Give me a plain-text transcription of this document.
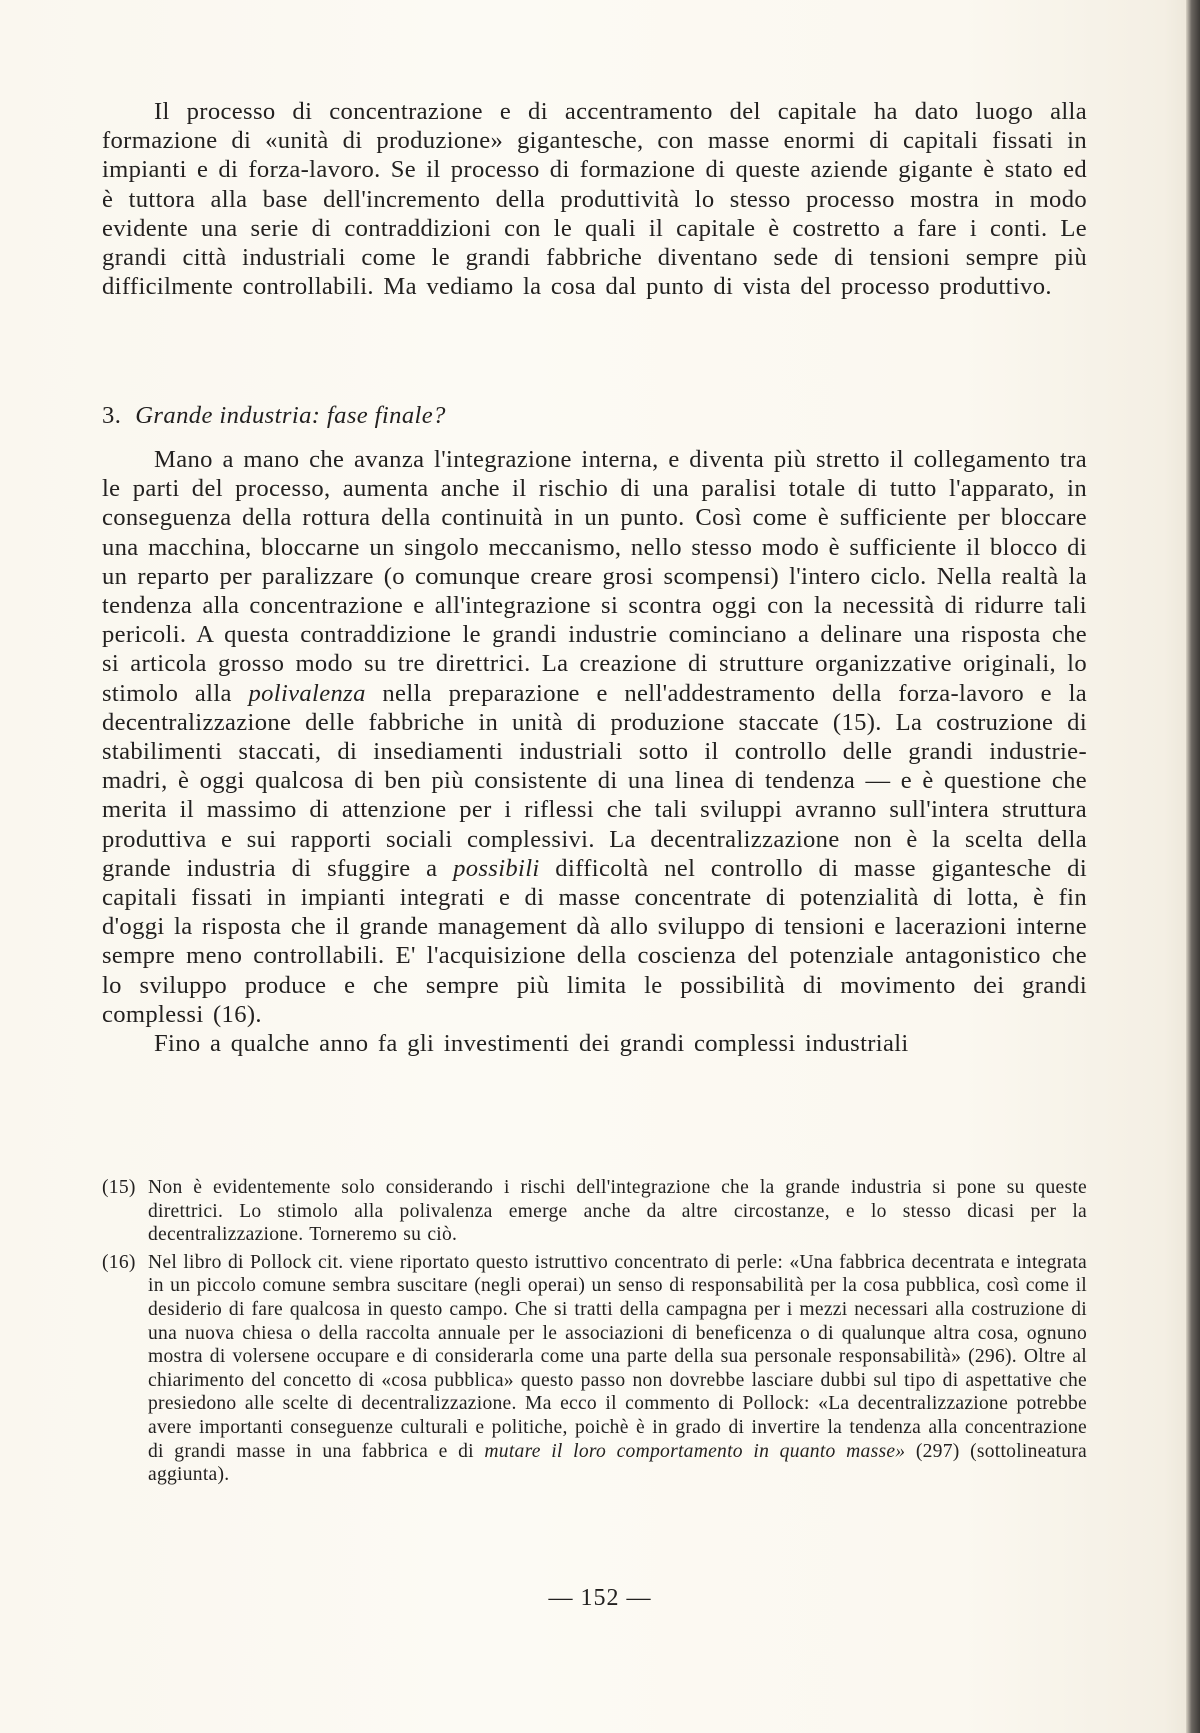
Il processo di concentrazione e di accentramento del capitale ha dato luogo alla formazione di «unità di produzione» gigantesche, con masse enormi di capitali fissati in impianti e di forza-lavoro. Se il processo di formazione di queste aziende gigante è stato ed è tuttora alla base dell'incremento della produttività lo stesso processo mostra in modo evidente una serie di contraddizioni con le quali il capitale è costretto a fare i conti. Le grandi città industriali come le grandi fabbriche diventano sede di tensioni sempre più difficilmente controllabili. Ma vediamo la cosa dal punto di vista del processo produttivo.

3. Grande industria: fase finale?

Mano a mano che avanza l'integrazione interna, e diventa più stretto il collegamento tra le parti del processo, aumenta anche il rischio di una paralisi totale di tutto l'apparato, in conseguenza della rottura della continuità in un punto. Così come è sufficiente per bloccare una macchina, bloccarne un singolo meccanismo, nello stesso modo è sufficiente il blocco di un reparto per paralizzare (o comunque creare grosi scompensi) l'intero ciclo. Nella realtà la tendenza alla concentrazione e all'integrazione si scontra oggi con la necessità di ridurre tali pericoli. A questa contraddizione le grandi industrie cominciano a delinare una risposta che si articola grosso modo su tre direttrici. La creazione di strutture organizzative originali, lo stimolo alla polivalenza nella preparazione e nell'addestramento della forza-lavoro e la decentralizzazione delle fabbriche in unità di produzione staccate (15). La costruzione di stabilimenti staccati, di insediamenti industriali sotto il controllo delle grandi industrie-madri, è oggi qualcosa di ben più consistente di una linea di tendenza — e è questione che merita il massimo di attenzione per i riflessi che tali sviluppi avranno sull'intera struttura produttiva e sui rapporti sociali complessivi. La decentralizzazione non è la scelta della grande industria di sfuggire a possibili difficoltà nel controllo di masse gigantesche di capitali fissati in impianti integrati e di masse concentrate di potenzialità di lotta, è fin d'oggi la risposta che il grande management dà allo sviluppo di tensioni e lacerazioni interne sempre meno controllabili. E' l'acquisizione della coscienza del potenziale antagonistico che lo sviluppo produce e che sempre più limita le possibilità di movimento dei grandi complessi (16).

Fino a qualche anno fa gli investimenti dei grandi complessi industriali

(15) Non è evidentemente solo considerando i rischi dell'integrazione che la grande industria si pone su queste direttrici. Lo stimolo alla polivalenza emerge anche da altre circostanze, e lo stesso dicasi per la decentralizzazione. Torneremo su ciò.

(16) Nel libro di Pollock cit. viene riportato questo istruttivo concentrato di perle: «Una fabbrica decentrata e integrata in un piccolo comune sembra suscitare (negli operai) un senso di responsabilità per la cosa pubblica, così come il desiderio di fare qualcosa in questo campo. Che si tratti della campagna per i mezzi necessari alla costruzione di una nuova chiesa o della raccolta annuale per le associazioni di beneficenza o di qualunque altra cosa, ognuno mostra di volersene occupare e di considerarla come una parte della sua personale responsabilità» (296). Oltre al chiarimento del concetto di «cosa pubblica» questo passo non dovrebbe lasciare dubbi sul tipo di aspettative che presiedono alle scelte di decentralizzazione. Ma ecco il commento di Pollock: «La decentralizzazione potrebbe avere importanti conseguenze culturali e politiche, poichè è in grado di invertire la tendenza alla concentrazione di grandi masse in una fabbrica e di mutare il loro comportamento in quanto masse» (297) (sottolineatura aggiunta).

— 152 —
